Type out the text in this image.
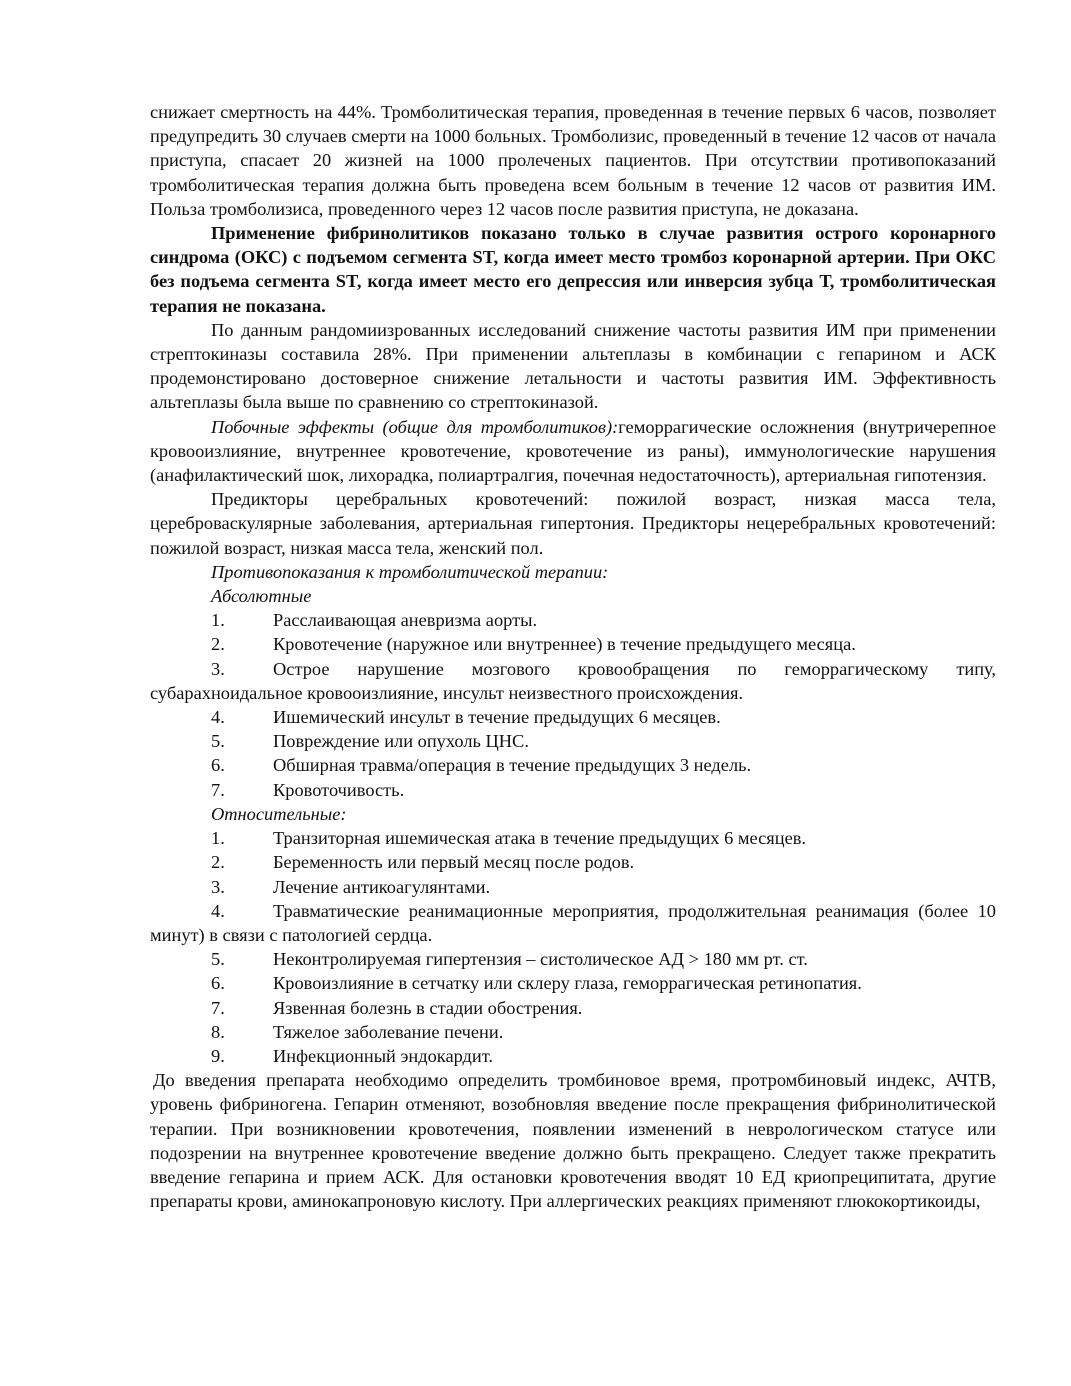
снижает смертность на 44%. Тромболитическая терапия, проведенная в течение первых 6 часов, позволяет предупредить 30 случаев смерти на 1000 больных. Тромболизис, проведенный в течение 12 часов от начала приступа, спасает 20 жизней на 1000 пролеченых пациентов. При отсутствии противопоказаний тромболитическая терапия должна быть проведена всем больным в течение 12 часов от развития ИМ. Польза тромболизиса, проведенного через 12 часов после развития приступа, не доказана.

Применение фибринолитиков показано только в случае развития острого коронарного синдрома (ОКС) с подъемом сегмента ST, когда имеет место тромбоз коронарной артерии. При ОКС без подъема сегмента ST, когда имеет место его депрессия или инверсия зубца Т, тромболитическая терапия не показана.

По данным рандомиизрованных исследований снижение частоты развития ИМ при применении стрептокиназы составила 28%. При применении альтеплазы в комбинации с гепарином и АСК продемонстировано достоверное снижение летальности и частоты развития ИМ. Эффективность альтеплазы была выше по сравнению со стрептокиназой.

Побочные эффекты (общие для тромболитиков):геморрагические осложнения (внутричерепное кровооизлияние, внутреннее кровотечение, кровотечение из раны), иммунологические нарушения (анафилактический шок, лихорадка, полиартралгия, почечная недостаточность), артериальная гипотензия.

Предикторы церебральных кровотечений: пожилой возраст, низкая масса тела, цереброваскулярные заболевания, артериальная гипертония. Предикторы нецеребральных кровотечений: пожилой возраст, низкая масса тела, женский пол.

Противопоказания к тромболитической терапии:

Абсолютные

1.	Расслаивающая аневризма аорты.
2.	Кровотечение (наружное или внутреннее) в течение предыдущего месяца.

3.	Острое нарушение мозгового кровообращения по геморрагическому типу, субарахноидальное кровооизлияние, инсульт неизвестного происхождения.

4.	Ишемический инсульт в течение предыдущих 6 месяцев.
5.	Повреждение или опухоль ЦНС.
6.	Обширная травма/операция в течение предыдущих 3 недель.
7.	Кровоточивость.

Относительные:

1.	Транзиторная ишемическая атака в течение предыдущих 6 месяцев.
2.	Беременность или первый месяц после родов.
3.	Лечение антикоагулянтами.

4.	Травматические реанимационные мероприятия, продолжительная реанимация (более 10 минут) в связи с патологией сердца.

5.	Неконтролируемая гипертензия – систолическое АД > 180 мм рт. ст.
6.	Кровоизлияние в сетчатку или склеру глаза, геморрагическая ретинопатия.
7.	Язвенная болезнь в стадии обострения.
8.	Тяжелое заболевание печени.
9.	Инфекционный эндокардит.

До введения препарата необходимо определить тромбиновое время, протромбиновый индекс, АЧТВ, уровень фибриногена. Гепарин отменяют, возобновляя введение после прекращения фибринолитической терапии. При возникновении кровотечения, появлении изменений в неврологическом статусе или подозрении на внутреннее кровотечение введение должно быть прекращено. Следует также прекратить введение гепарина и прием АСК. Для остановки кровотечения вводят 10 ЕД криопреципитата, другие препараты крови, аминокапроновую кислоту. При аллергических реакциях применяют глюкокортикоиды,
